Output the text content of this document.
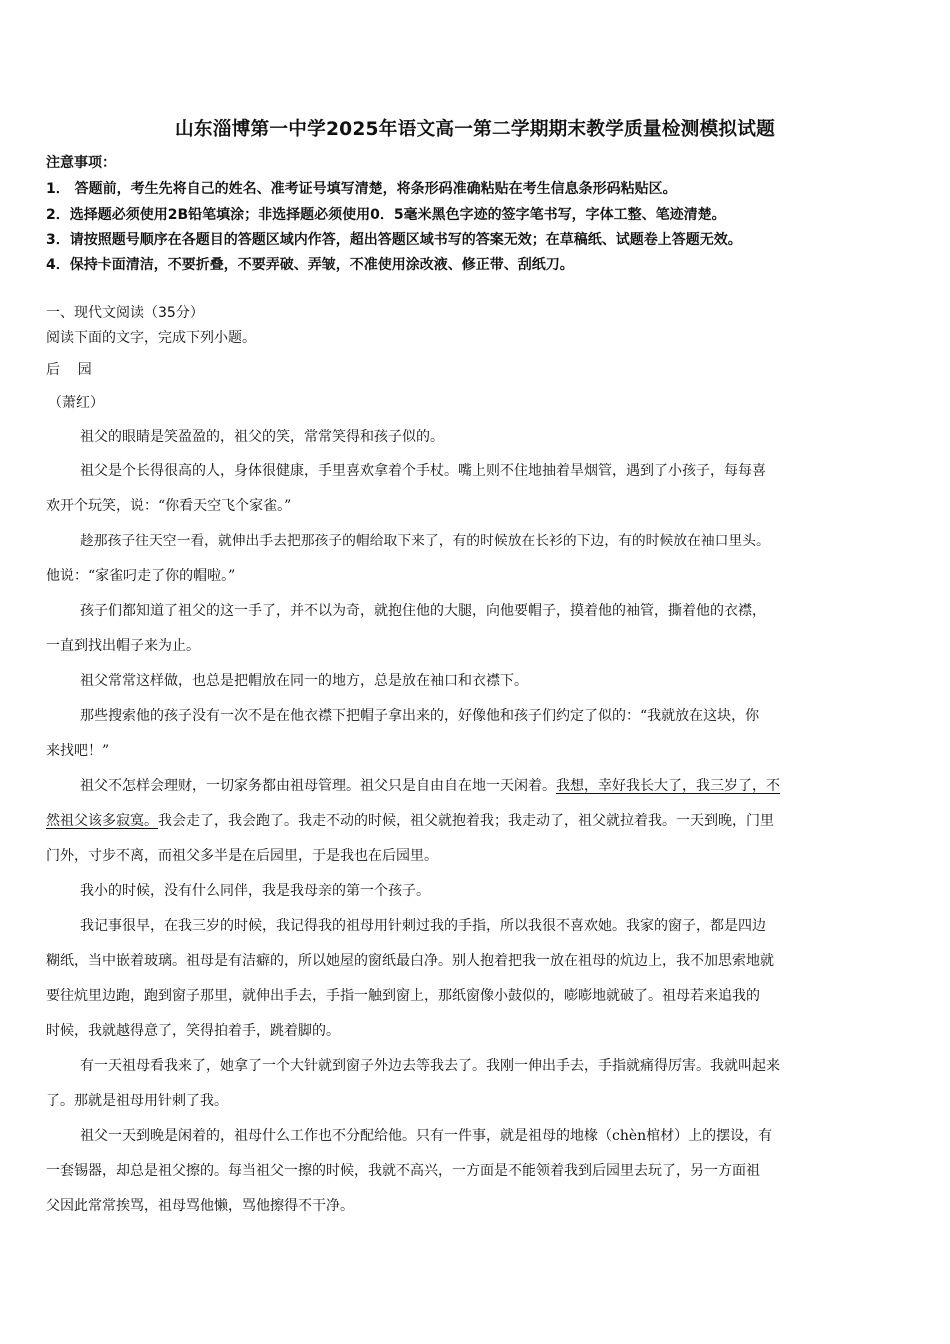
山东淄博第一中学2025年语文高一第二学期期末教学质量检测模拟试题
注意事项：
1． 答题前，考生先将自己的姓名、准考证号填写清楚，将条形码准确粘贴在考生信息条形码粘贴区。
2．选择题必须使用2B铅笔填涂；非选择题必须使用0．5毫米黑色字迹的签字笔书写，字体工整、笔迹清楚。
3．请按照题号顺序在各题目的答题区域内作答，超出答题区域书写的答案无效；在草稿纸、试题卷上答题无效。
4．保持卡面清洁，不要折叠，不要弄破、弄皱，不准使用涂改液、修正带、刮纸刀。
一、现代文阅读（35分）
阅读下面的文字，完成下列小题。
后    园
（萧红）
祖父的眼睛是笑盈盈的，祖父的笑，常常笑得和孩子似的。
祖父是个长得很高的人，身体很健康，手里喜欢拿着个手杖。嘴上则不住地抽着旱烟管，遇到了小孩子，每每喜
欢开个玩笑，说：“你看天空飞个家雀。”
趁那孩子往天空一看，就伸出手去把那孩子的帽给取下来了，有的时候放在长衫的下边，有的时候放在袖口里头。
他说：“家雀叼走了你的帽啦。”
孩子们都知道了祖父的这一手了，并不以为奇，就抱住他的大腿，向他要帽子，摸着他的袖管，撕着他的衣襟，
一直到找出帽子来为止。
祖父常常这样做，也总是把帽放在同一的地方，总是放在袖口和衣襟下。
那些搜索他的孩子没有一次不是在他衣襟下把帽子拿出来的，好像他和孩子们约定了似的：“我就放在这块，你
来找吧！”
祖父不怎样会理财，一切家务都由祖母管理。祖父只是自由自在地一天闲着。我想，幸好我长大了，我三岁了，不
然祖父该多寂寞。我会走了，我会跑了。我走不动的时候，祖父就抱着我；我走动了，祖父就拉着我。一天到晚，门里
门外，寸步不离，而祖父多半是在后园里，于是我也在后园里。
我小的时候，没有什么同伴，我是我母亲的第一个孩子。
我记事很早，在我三岁的时候，我记得我的祖母用针刺过我的手指，所以我很不喜欢她。我家的窗子，都是四边
糊纸，当中嵌着玻璃。祖母是有洁癖的，所以她屋的窗纸最白净。别人抱着把我一放在祖母的炕边上，我不加思索地就
要往炕里边跑，跑到窗子那里，就伸出手去，手指一触到窗上，那纸窗像小鼓似的，嘭嘭地就破了。祖母若来追我的
时候，我就越得意了，笑得拍着手，跳着脚的。
有一天祖母看我来了，她拿了一个大针就到窗子外边去等我去了。我刚一伸出手去，手指就痛得厉害。我就叫起来
了。那就是祖母用针刺了我。
祖父一天到晚是闲着的，祖母什么工作也不分配给他。只有一件事，就是祖母的地椽（chèn棺材）上的摆设，有
一套锡器，却总是祖父擦的。每当祖父一擦的时候，我就不高兴，一方面是不能领着我到后园里去玩了，另一方面祖
父因此常常挨骂，祖母骂他懒，骂他擦得不干净。
